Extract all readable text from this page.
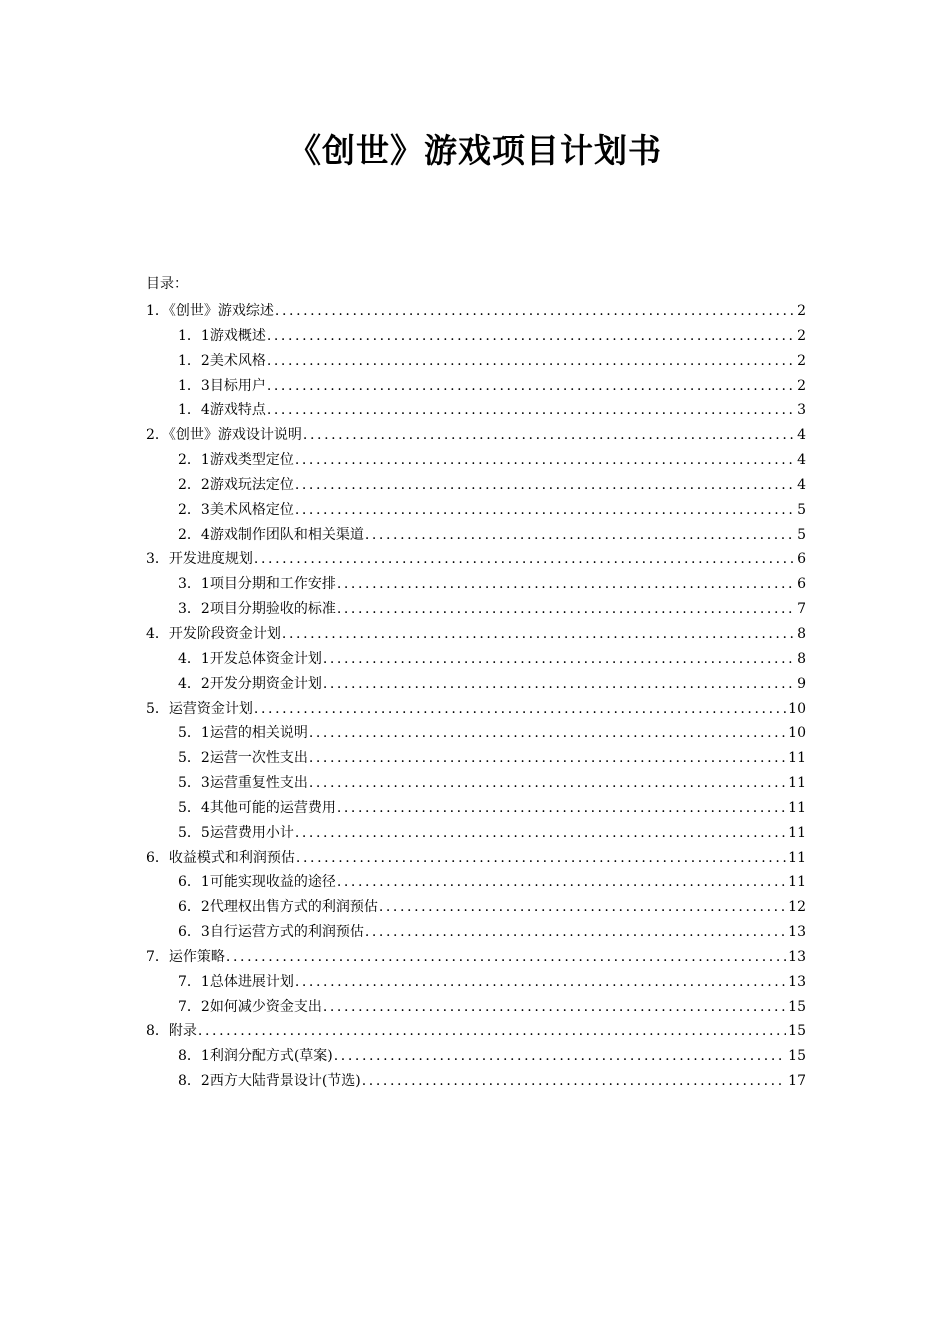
《创世》游戏项目计划书
目录：
1．《创世》游戏综述 .....	2
1．1游戏概述 .....	2
1．2美术风格 .....	2
1．3目标用户 .....	2
1．4游戏特点 .....	3
2．《创世》游戏设计说明 .....	4
2．1游戏类型定位 .....	4
2．2游戏玩法定位 .....	4
2．3美术风格定位 .....	5
2．4游戏制作团队和相关渠道 .....	5
3．开发进度规划 .....	6
3．1项目分期和工作安排 .....	6
3．2项目分期验收的标准 .....	7
4．开发阶段资金计划 .....	8
4．1开发总体资金计划 .....	8
4．2开发分期资金计划 .....	9
5．运营资金计划 .....	10
5．1运营的相关说明 .....	10
5．2运营一次性支出 .....	11
5．3运营重复性支出 .....	11
5．4其他可能的运营费用 .....	11
5．5运营费用小计 .....	11
6．收益模式和利润预估 .....	11
6．1可能实现收益的途径 .....	11
6．2代理权出售方式的利润预估 .....	12
6．3自行运营方式的利润预估 .....	13
7．运作策略 .....	13
7．1总体进展计划 .....	13
7．2如何减少资金支出 .....	15
8．附录 .....	15
8．1利润分配方式(草案) .....	15
8．2西方大陆背景设计(节选) .....	17
